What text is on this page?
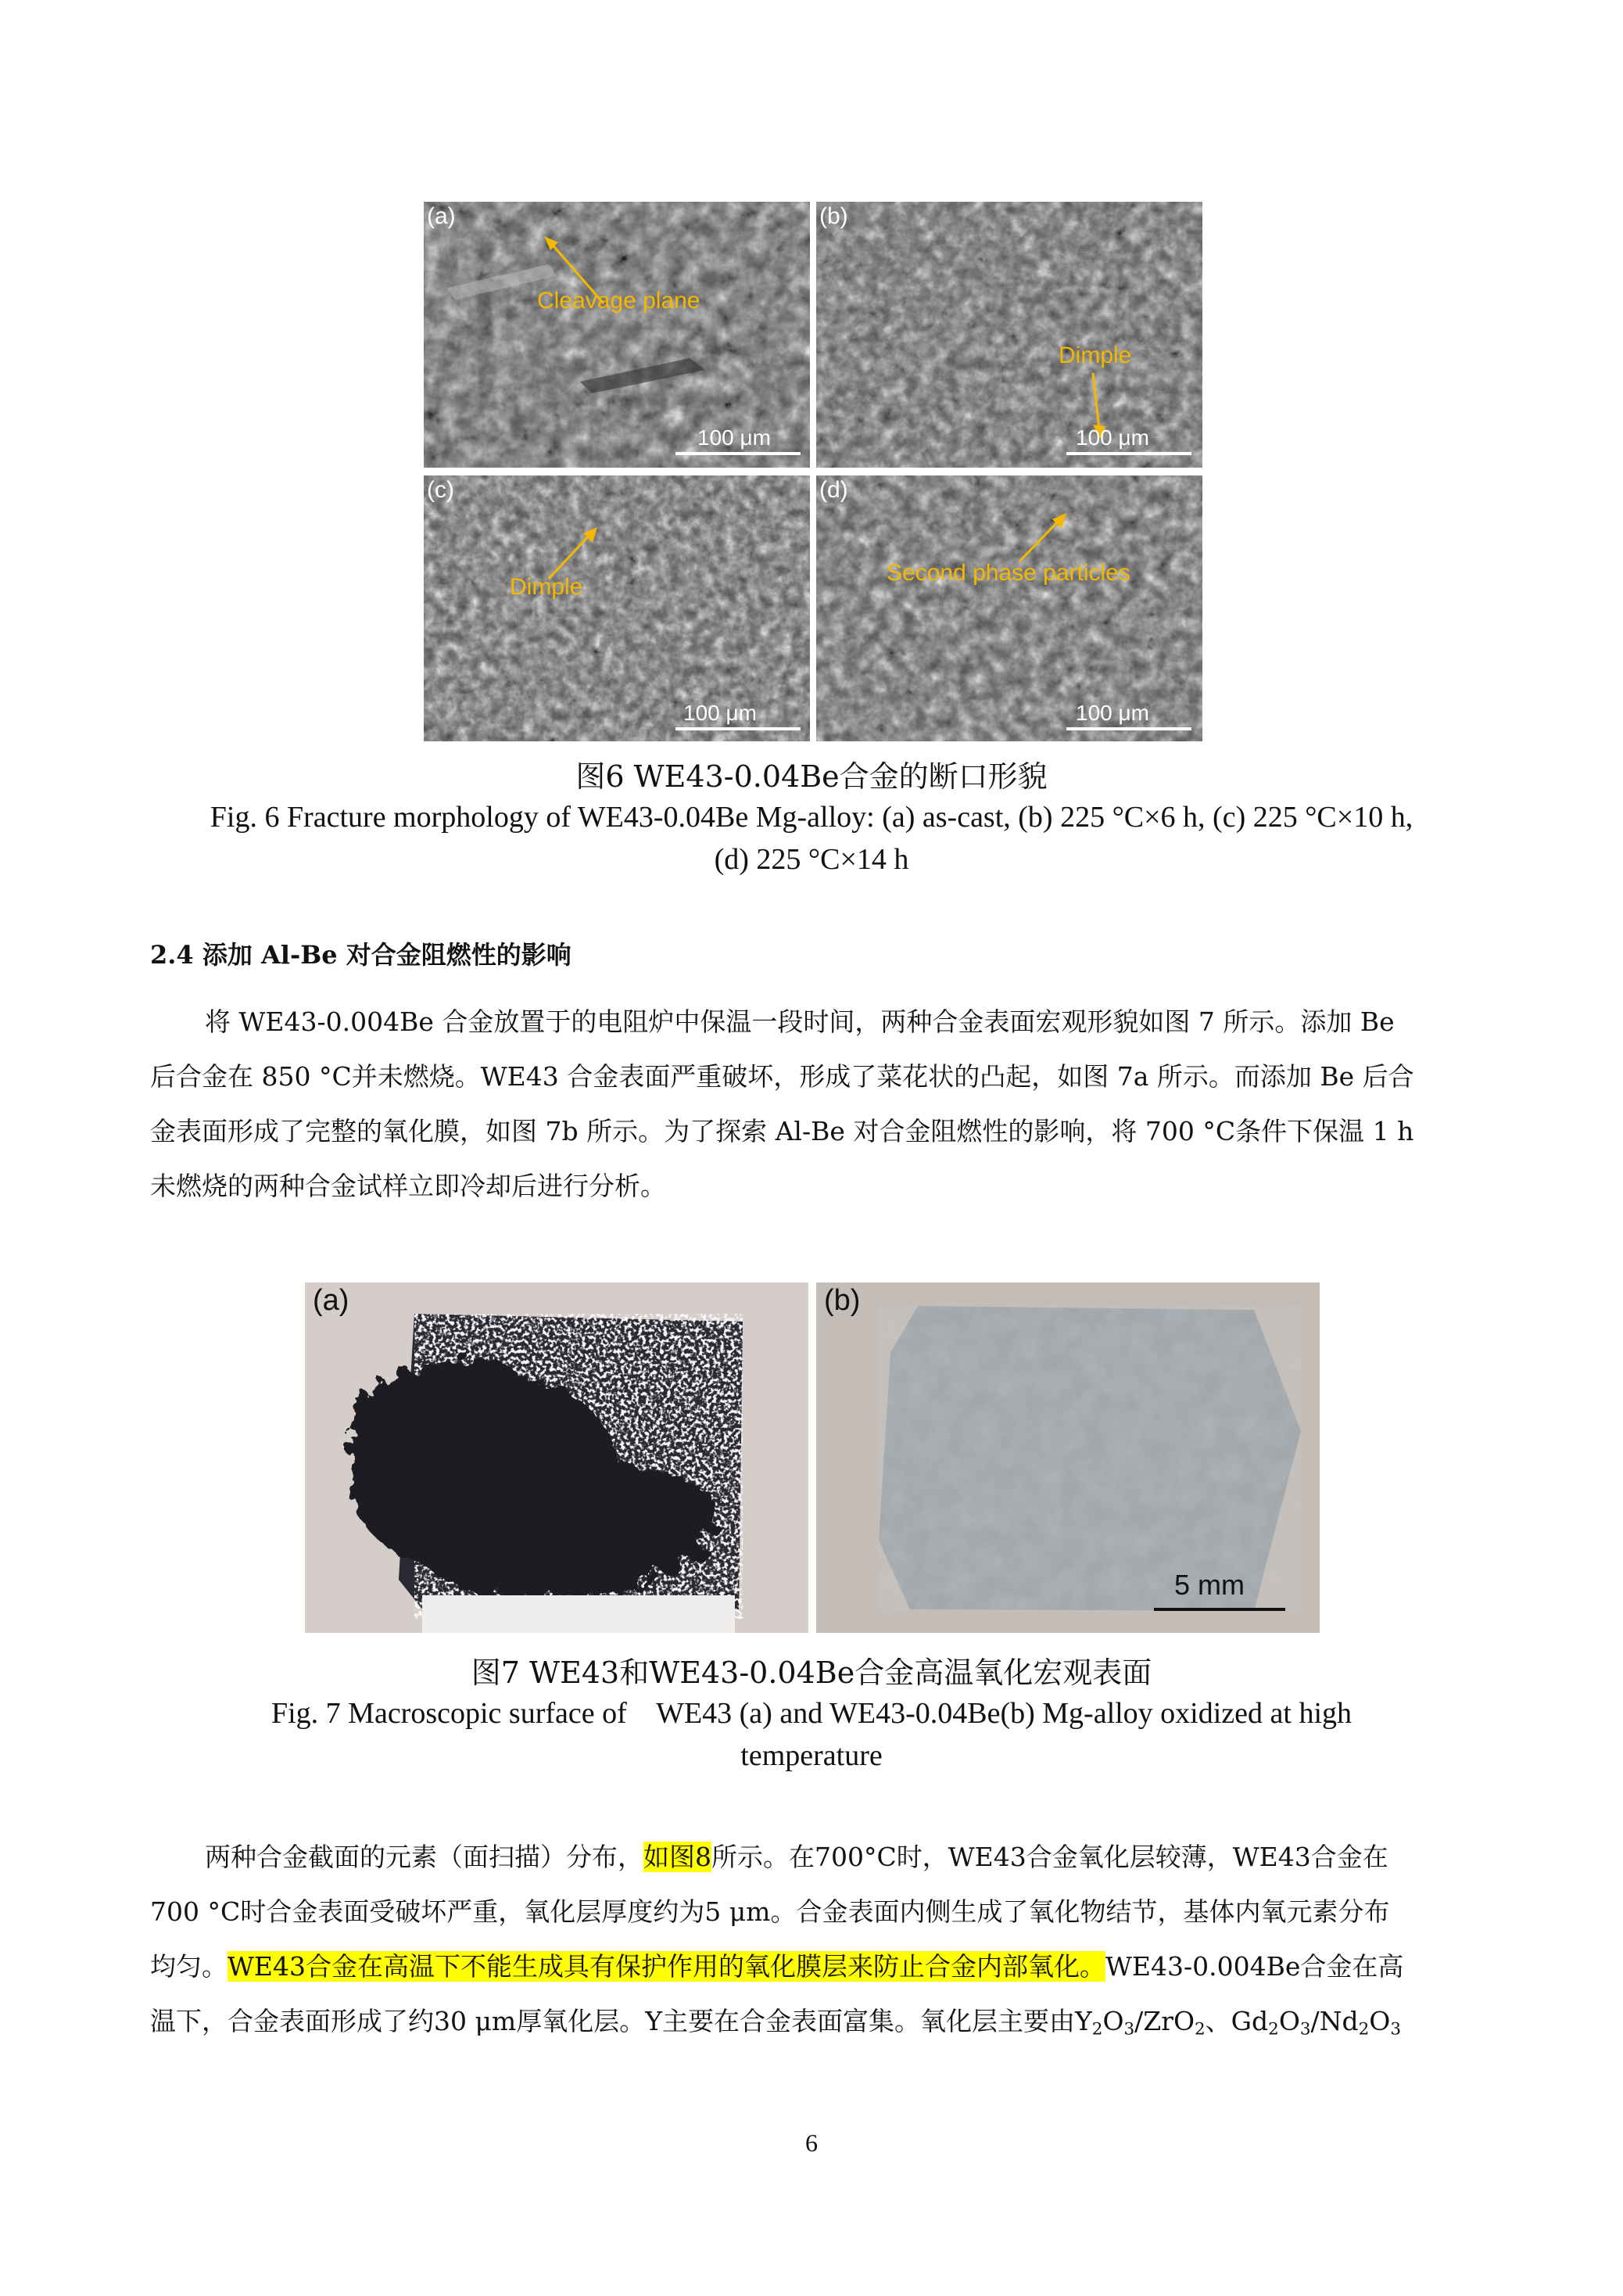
(a)
Cleavage plane
100 μm
(b)
Dimple
100 μm
(c)
Dimple
100 μm
(d)
Second phase particles
100 μm
图6 WE43-0.04Be合金的断口形貌
Fig. 6 Fracture morphology of WE43-0.04Be Mg-alloy: (a) as-cast, (b) 225 °C×6 h, (c) 225 °C×10 h,
(d) 225 °C×14 h
2.4 添加 Al-Be 对合金阻燃性的影响
将 WE43-0.004Be 合金放置于的电阻炉中保温一段时间，两种合金表面宏观形貌如图 7 所示。添加 Be
后合金在 850 °C并未燃烧。WE43 合金表面严重破坏，形成了菜花状的凸起，如图 7a 所示。而添加 Be 后合
金表面形成了完整的氧化膜，如图 7b 所示。为了探索 Al-Be 对合金阻燃性的影响，将 700 °C条件下保温 1 h
未燃烧的两种合金试样立即冷却后进行分析。
(a)	(b)
5 mm
图7 WE43和WE43-0.04Be合金高温氧化宏观表面
Fig. 7 Macroscopic surface of    WE43 (a) and WE43-0.04Be(b) Mg-alloy oxidized at high
temperature
两种合金截面的元素（面扫描）分布，如图8所示。在700°C时，WE43合金氧化层较薄，WE43合金在
700 °C时合金表面受破坏严重，氧化层厚度约为5 μm。合金表面内侧生成了氧化物结节，基体内氧元素分布
均匀。WE43合金在高温下不能生成具有保护作用的氧化膜层来防止合金内部氧化。WE43-0.004Be合金在高
温下，合金表面形成了约30 μm厚氧化层。Y主要在合金表面富集。氧化层主要由$Y_2O_3/ZrO_2$、$Gd_2O_3/Nd_2O_3$
6
